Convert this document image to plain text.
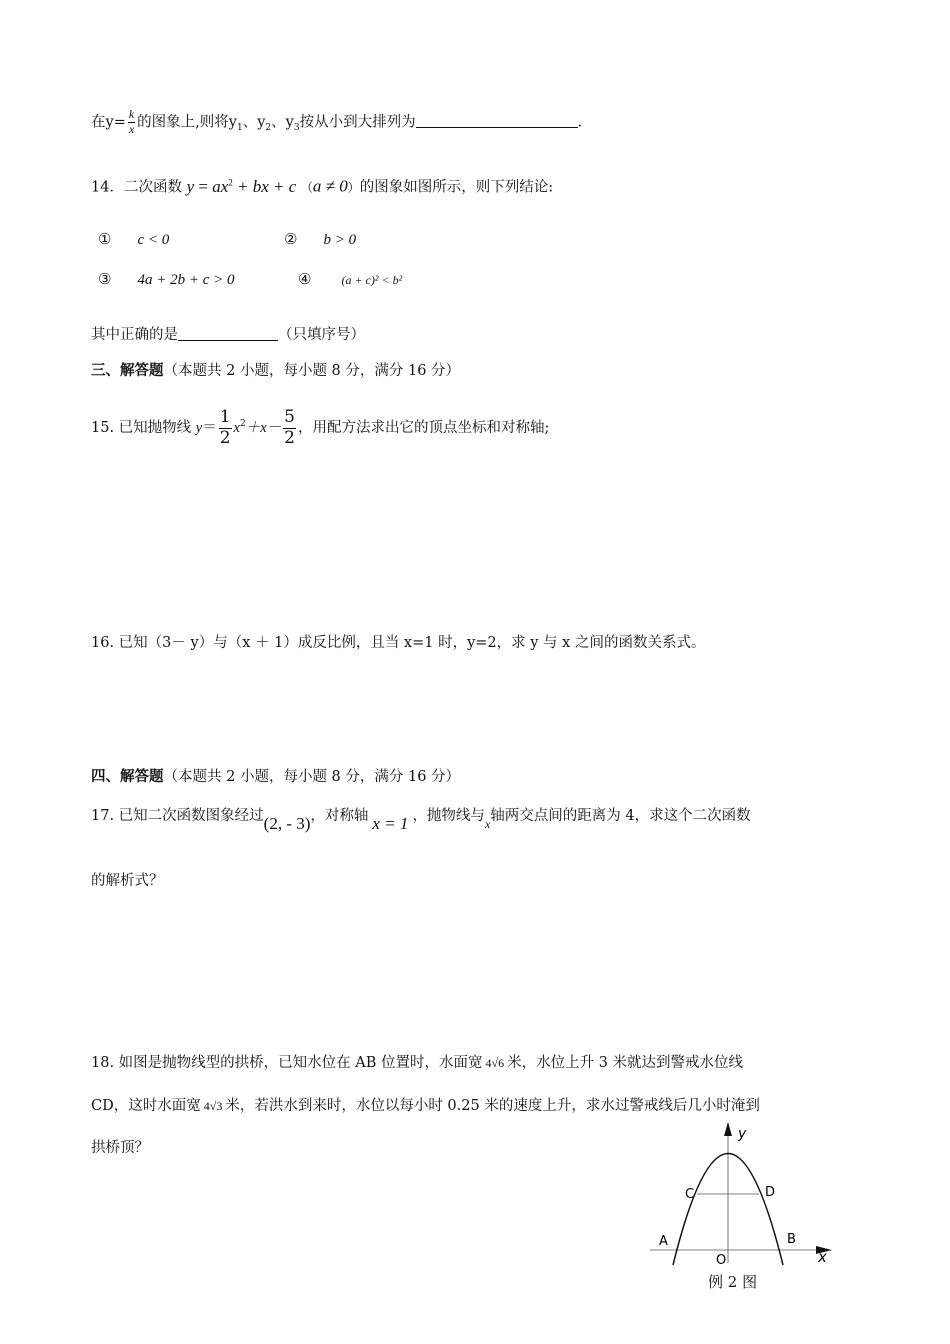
在$y= \frac{k}{x}$ 的图象上,则将$y_1$、$y_2$、$y_3$按从小到大排列为	.
14．二次函数 $y = ax^2$ + bx + c （a ≠ 0）的图象如图所示，则下列结论:
① c < 0	② b > 0
③ 4a + 2b + c > 0	④	(a + c)² < b²
其中正确的是	（只填序号）
三、解答题（本题共 2 小题，每小题 8 分，满分 16 分）
15. 已知抛物线 $y= \frac{1}{2} x^2+x- \frac{5}{2}$ ，用配方法求出它的顶点坐标和对称轴;
16. 已知（3－ y）与（x ＋ 1）成反比例，且当 x=1 时，y=2，求 y 与 x 之间的函数关系式。
四、解答题（本题共 2 小题，每小题 8 分，满分 16 分）
17. 已知二次函数图象经过(2, - 3)，对称轴 x = 1 ，抛物线与$_x$轴两交点间的距离为 4，求这个二次函数
的解析式？
18. 如图是抛物线型的拱桥，已知水位在 AB 位置时，水面宽 4√6 米，水位上升 3 米就达到警戒水位线
CD，这时水面宽 4√3 米，若洪水到来时，水位以每小时 0.25 米的速度上升，求水过警戒线后几小时淹到
拱桥顶？
y
x
C	D
A	B
O
例 2 图
